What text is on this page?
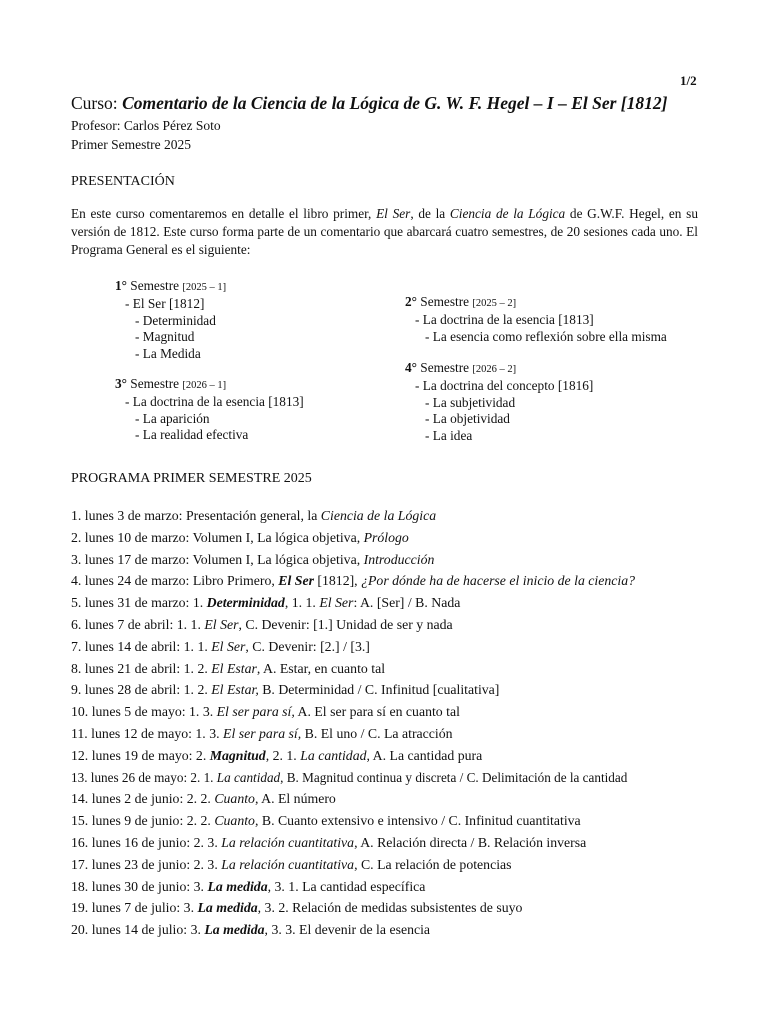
1/2
Curso: Comentario de la Ciencia de la Lógica de G. W. F. Hegel – I – El Ser [1812]
Profesor: Carlos Pérez Soto
Primer Semestre 2025
PRESENTACIÓN
En este curso comentaremos en detalle el libro primer, El Ser, de la Ciencia de la Lógica de G.W.F. Hegel, en su versión de 1812. Este curso forma parte de un comentario que abarcará cuatro semestres, de 20 sesiones cada uno. El Programa General es el siguiente:
1° Semestre [2025 – 1]
- El Ser [1812]
- Determinidad
- Magnitud
- La Medida
2° Semestre [2025 – 2]
- La doctrina de la esencia [1813]
- La esencia como reflexión sobre ella misma
3° Semestre [2026 – 1]
- La doctrina de la esencia [1813]
- La aparición
- La realidad efectiva
4° Semestre [2026 – 2]
- La doctrina del concepto [1816]
- La subjetividad
- La objetividad
- La idea
PROGRAMA PRIMER SEMESTRE 2025
1. lunes 3 de marzo: Presentación general, la Ciencia de la Lógica
2. lunes 10 de marzo: Volumen I, La lógica objetiva, Prólogo
3. lunes 17 de marzo: Volumen I, La lógica objetiva, Introducción
4. lunes 24 de marzo: Libro Primero, El Ser [1812], ¿Por dónde ha de hacerse el inicio de la ciencia?
5. lunes 31 de marzo: 1. Determinidad, 1. 1. El Ser: A. [Ser] / B. Nada
6. lunes 7 de abril: 1. 1. El Ser, C. Devenir: [1.] Unidad de ser y nada
7. lunes 14 de abril: 1. 1. El Ser, C. Devenir: [2.] / [3.]
8. lunes 21 de abril: 1. 2. El Estar, A. Estar, en cuanto tal
9. lunes 28 de abril: 1. 2. El Estar, B. Determinidad / C. Infinitud [cualitativa]
10. lunes 5 de mayo: 1. 3. El ser para sí, A. El ser para sí en cuanto tal
11. lunes 12 de mayo: 1. 3. El ser para sí, B. El uno / C. La atracción
12. lunes 19 de mayo: 2. Magnitud, 2. 1. La cantidad, A. La cantidad pura
13. lunes 26 de mayo: 2. 1. La cantidad, B. Magnitud continua y discreta / C. Delimitación de la cantidad
14. lunes 2 de junio: 2. 2. Cuanto, A. El número
15. lunes 9 de junio: 2. 2. Cuanto, B. Cuanto extensivo e intensivo / C. Infinitud cuantitativa
16. lunes 16 de junio: 2. 3. La relación cuantitativa, A. Relación directa / B. Relación inversa
17. lunes 23 de junio: 2. 3. La relación cuantitativa, C. La relación de potencias
18. lunes 30 de junio: 3. La medida, 3. 1. La cantidad específica
19. lunes 7 de julio: 3. La medida, 3. 2. Relación de medidas subsistentes de suyo
20. lunes 14 de julio: 3. La medida, 3. 3. El devenir de la esencia
